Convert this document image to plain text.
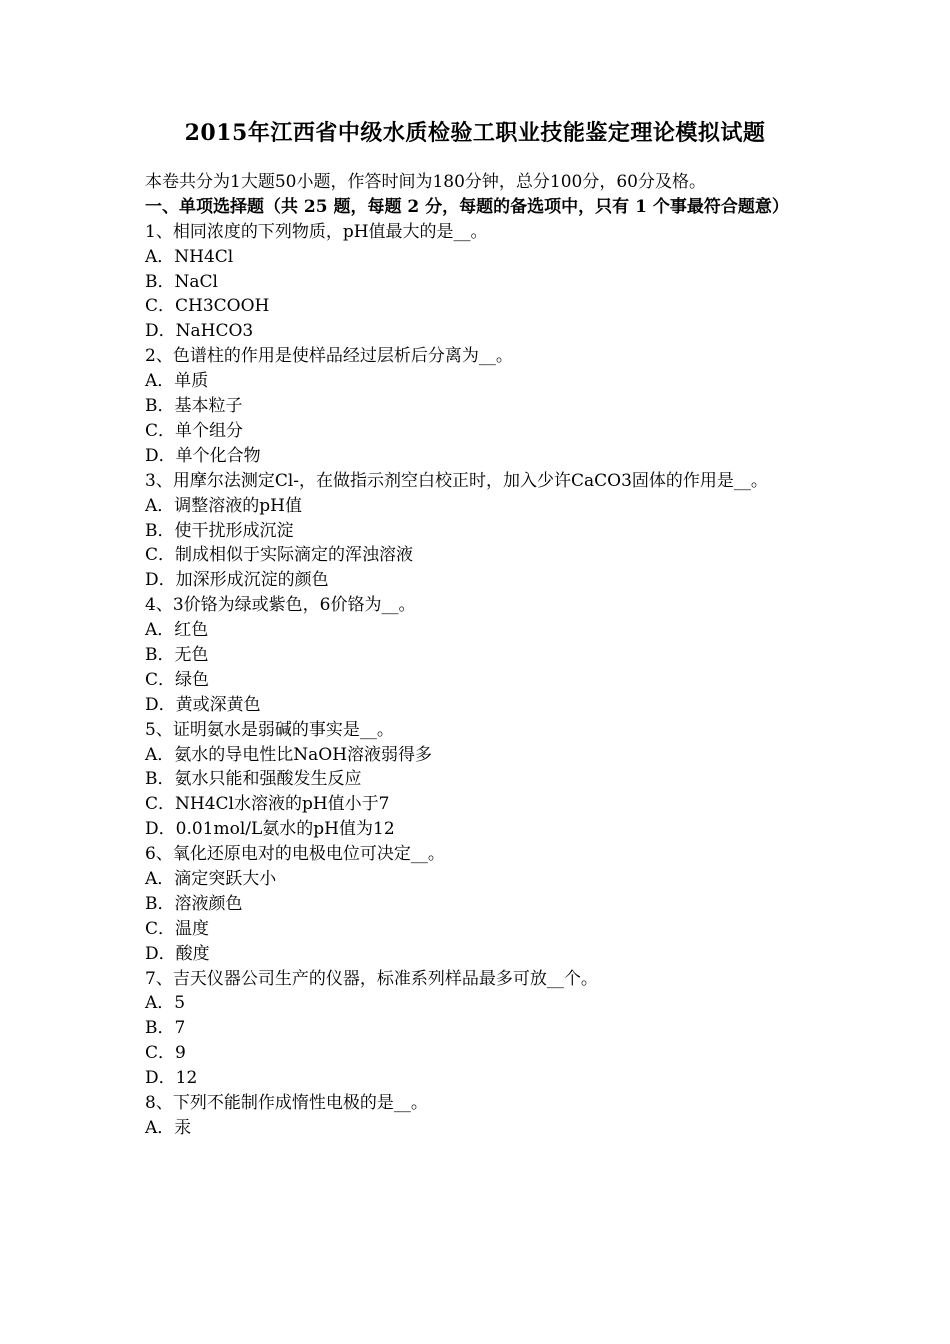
2015年江西省中级水质检验工职业技能鉴定理论模拟试题
本卷共分为1大题50小题，作答时间为180分钟，总分100分，60分及格。
一、单项选择题（共 25 题，每题 2 分，每题的备选项中，只有 1 个事最符合题意）
1、相同浓度的下列物质，pH值最大的是__。
A．NH4Cl
B．NaCl
C．CH3COOH
D．NaHCO3
2、色谱柱的作用是使样品经过层析后分离为__。
A．单质
B．基本粒子
C．单个组分
D．单个化合物
3、用摩尔法测定Cl-，在做指示剂空白校正时，加入少许CaCO3固体的作用是__。
A．调整溶液的pH值
B．使干扰形成沉淀
C．制成相似于实际滴定的浑浊溶液
D．加深形成沉淀的颜色
4、3价铬为绿或紫色，6价铬为__。
A．红色
B．无色
C．绿色
D．黄或深黄色
5、证明氨水是弱碱的事实是__。
A．氨水的导电性比NaOH溶液弱得多
B．氨水只能和强酸发生反应
C．NH4Cl水溶液的pH值小于7
D．0.01mol/L氨水的pH值为12
6、氧化还原电对的电极电位可决定__。
A．滴定突跃大小
B．溶液颜色
C．温度
D．酸度
7、吉天仪器公司生产的仪器，标准系列样品最多可放__个。
A．5
B．7
C．9
D．12
8、下列不能制作成惰性电极的是__。
A．汞
